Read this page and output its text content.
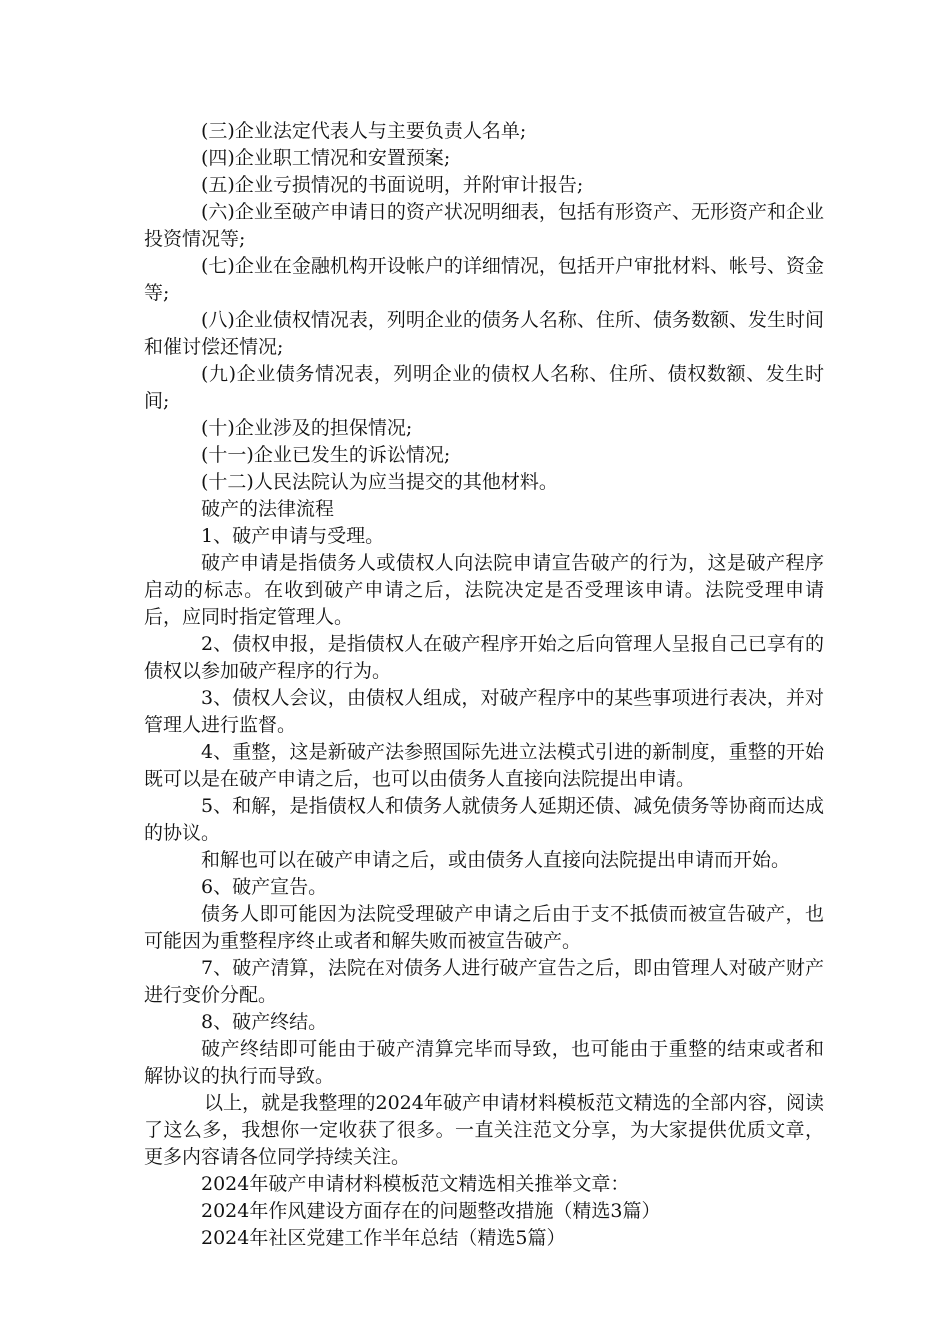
(三)企业法定代表人与主要负责人名单;

(四)企业职工情况和安置预案;

(五)企业亏损情况的书面说明，并附审计报告;

(六)企业至破产申请日的资产状况明细表，包括有形资产、无形资产和企业投资情况等;

(七)企业在金融机构开设帐户的详细情况，包括开户审批材料、帐号、资金等;

(八)企业债权情况表，列明企业的债务人名称、住所、债务数额、发生时间和催讨偿还情况;

(九)企业债务情况表，列明企业的债权人名称、住所、债权数额、发生时间;

(十)企业涉及的担保情况;

(十一)企业已发生的诉讼情况;

(十二)人民法院认为应当提交的其他材料。

破产的法律流程

1、破产申请与受理。

破产申请是指债务人或债权人向法院申请宣告破产的行为，这是破产程序启动的标志。在收到破产申请之后，法院决定是否受理该申请。法院受理申请后，应同时指定管理人。

2、债权申报，是指债权人在破产程序开始之后向管理人呈报自己已享有的债权以参加破产程序的行为。

3、债权人会议，由债权人组成，对破产程序中的某些事项进行表决，并对管理人进行监督。

4、重整，这是新破产法参照国际先进立法模式引进的新制度，重整的开始既可以是在破产申请之后，也可以由债务人直接向法院提出申请。

5、和解，是指债权人和债务人就债务人延期还债、减免债务等协商而达成的协议。

和解也可以在破产申请之后，或由债务人直接向法院提出申请而开始。

6、破产宣告。

债务人即可能因为法院受理破产申请之后由于支不抵债而被宣告破产，也可能因为重整程序终止或者和解失败而被宣告破产。

7、破产清算，法院在对债务人进行破产宣告之后，即由管理人对破产财产进行变价分配。

8、破产终结。

破产终结即可能由于破产清算完毕而导致，也可能由于重整的结束或者和解协议的执行而导致。

以上，就是我整理的2024年破产申请材料模板范文精选的全部内容，阅读了这么多，我想你一定收获了很多。一直关注范文分享，为大家提供优质文章，更多内容请各位同学持续关注。

2024年破产申请材料模板范文精选相关推举文章：

2024年作风建设方面存在的问题整改措施（精选3篇）

2024年社区党建工作半年总结（精选5篇）
